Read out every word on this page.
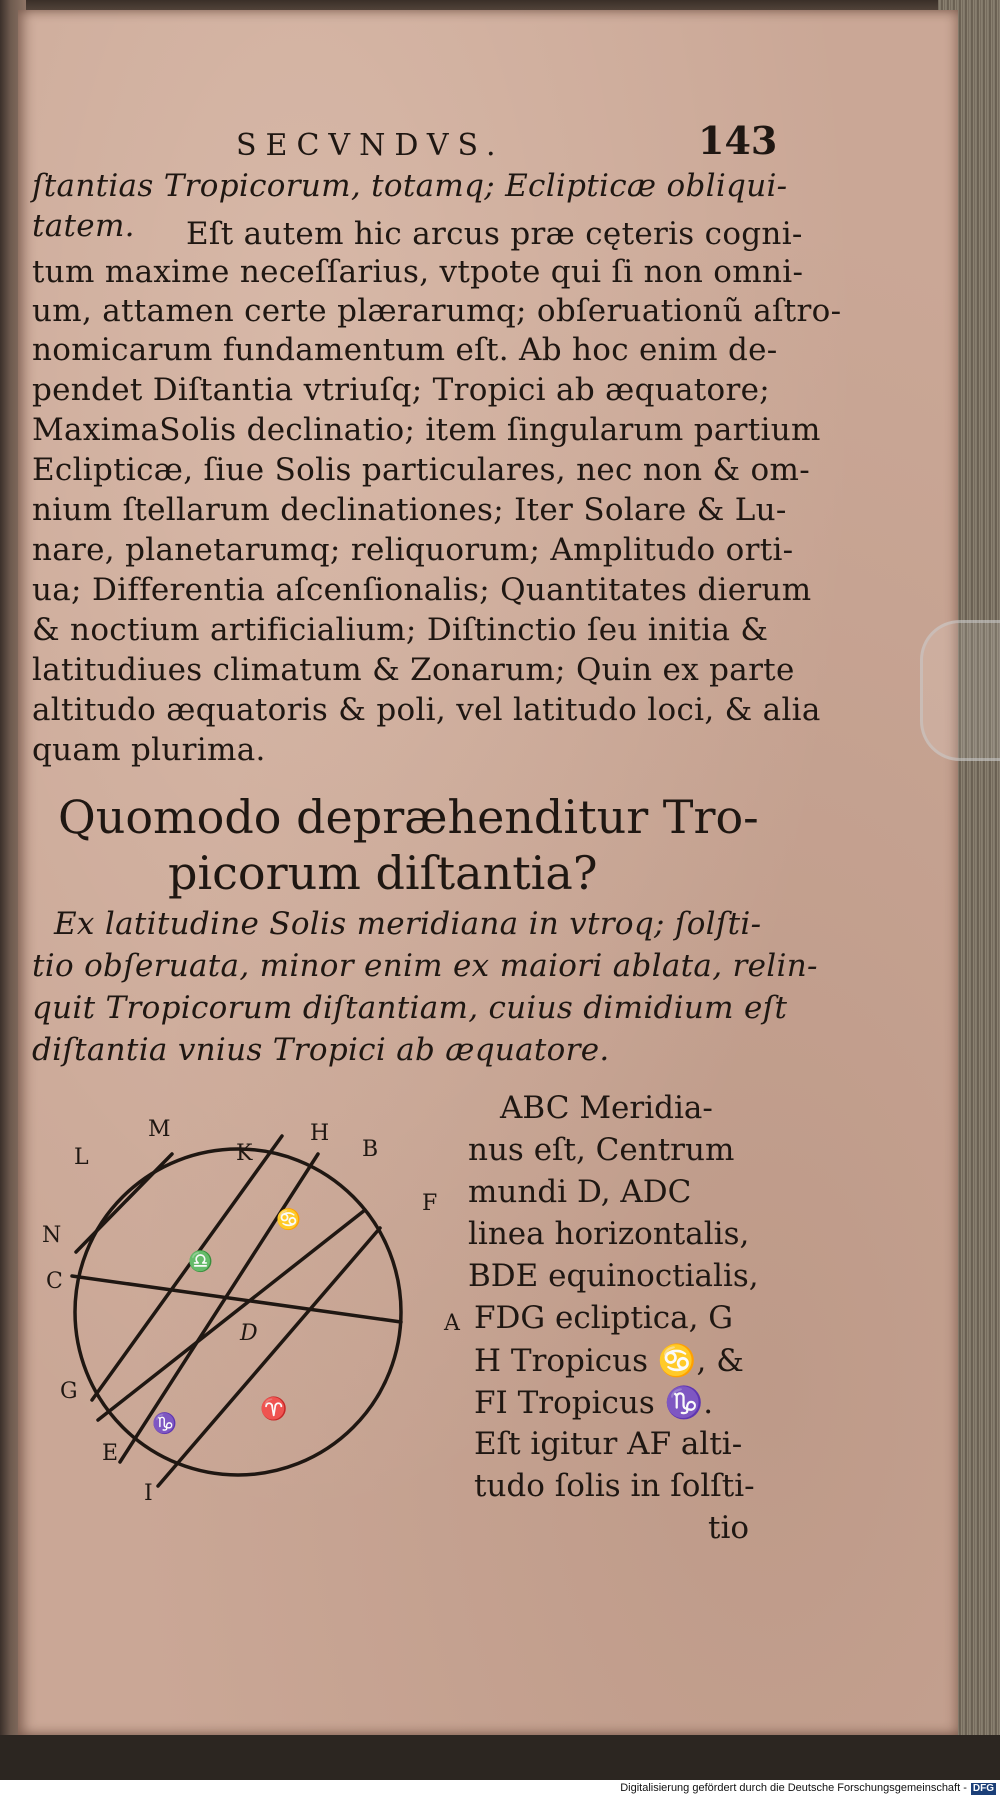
SECVNDVS.	143
ſtantias Tropicorum, totamq; Eclipticæ obliqui-
tatem. Eſt autem hic arcus præ cęteris cogni-
tum maxime neceſſarius, vtpote qui ſi non omni-
um, attamen certe plærarumq; obſeruationũ aſtro-
nomicarum fundamentum eſt. Ab hoc enim de-
pendet Diſtantia vtriuſq; Tropici ab æquatore;
MaximaSolis declinatio; item ſingularum partium
Eclipticæ, ſiue Solis particulares, nec non & om-
nium ſtellarum declinationes; Iter Solare & Lu-
nare, planetarumq; reliquorum; Amplitudo orti-
ua; Differentia aſcenſionalis; Quantitates dierum
& noctium artificialium; Diſtinctio ſeu initia &
latitudiues climatum & Zonarum; Quin ex parte
altitudo æquatoris & poli, vel latitudo loci, & alia
quam plurima.
Quomodo depræhenditur Tro-
picorum diſtantia?
Ex latitudine Solis meridiana in vtroq; ſolſti-
tio obſeruata, minor enim ex maiori ablata, relin-
quit Tropicorum diſtantiam, cuius dimidium eſt
diſtantia vnius Tropici ab æquatore.
M
L	K
H
B
F
N
C
A
D
G
E
I
♎
♈
♋
♑
ABC Meridia-
nus eſt, Centrum
mundi D, ADC
linea horizontalis,
BDE equinoctialis,
FDG ecliptica, G
H Tropicus ♋, &
FI Tropicus ♑.
Eſt igitur AF alti-
tudo ſolis in ſolſti-
tio
Digitalisierung gefördert durch die Deutsche Forschungsgemeinschaft - DFG
